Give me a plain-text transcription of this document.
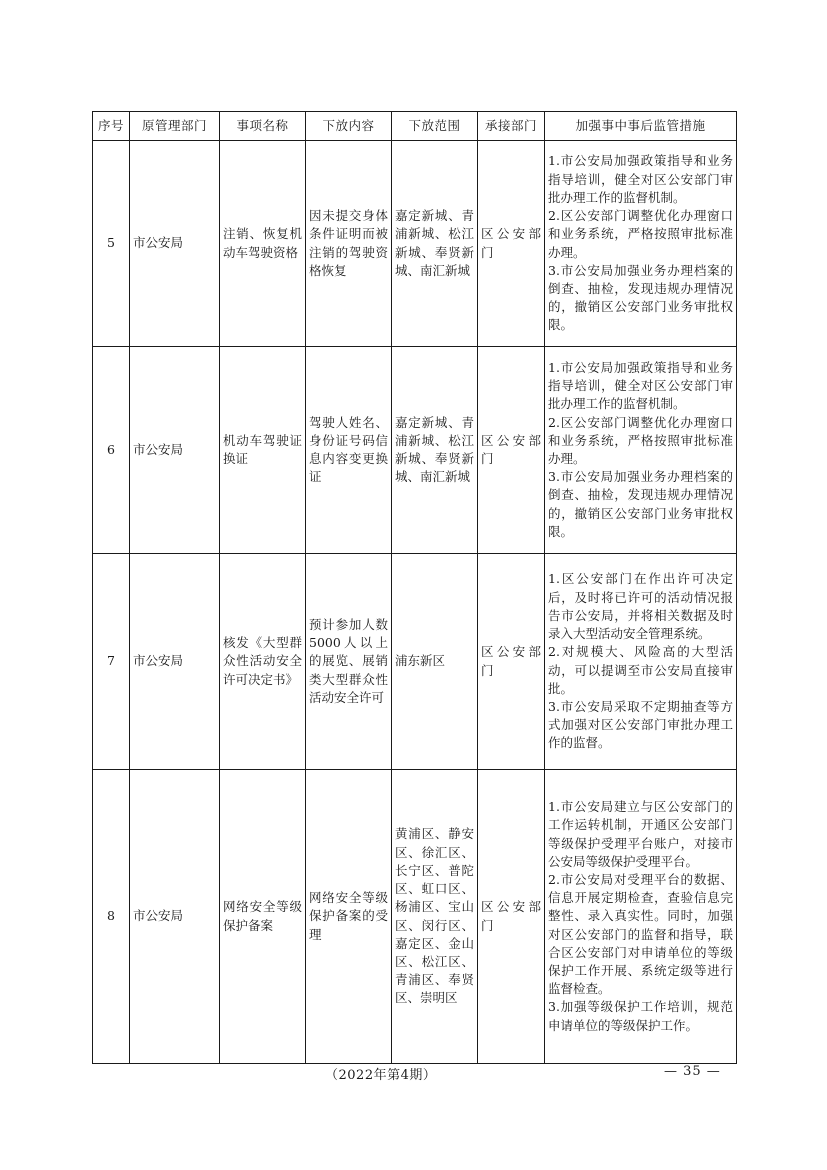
序号	原管理部门	事项名称	下放内容	下放范围	承接部门	加强事中事后监管措施
5	市公安局	注销、恢复机动车驾驶资格	因未提交身体条件证明而被注销的驾驶资格恢复	嘉定新城、青浦新城、松江新城、奉贤新城、南汇新城	区公安部门	1.市公安局加强政策指导和业务指导培训，健全对区公安部门审批办理工作的监督机制。
2.区公安部门调整优化办理窗口和业务系统，严格按照审批标准办理。
3.市公安局加强业务办理档案的倒查、抽检，发现违规办理情况的，撤销区公安部门业务审批权限。

6	市公安局	机动车驾驶证换证	驾驶人姓名、身份证号码信息内容变更换证	嘉定新城、青浦新城、松江新城、奉贤新城、南汇新城	区公安部门	1.市公安局加强政策指导和业务指导培训，健全对区公安部门审批办理工作的监督机制。
2.区公安部门调整优化办理窗口和业务系统，严格按照审批标准办理。
3.市公安局加强业务办理档案的倒查、抽检，发现违规办理情况的，撤销区公安部门业务审批权限。

7	市公安局	核发《大型群众性活动安全许可决定书》	预计参加人数5000人以上的展览、展销类大型群众性活动安全许可	浦东新区	区公安部门	1.区公安部门在作出许可决定后，及时将已许可的活动情况报告市公安局，并将相关数据及时录入大型活动安全管理系统。
2.对规模大、风险高的大型活动，可以提调至市公安局直接审批。
3.市公安局采取不定期抽查等方式加强对区公安部门审批办理工作的监督。

8	市公安局	网络安全等级保护备案	网络安全等级保护备案的受理	黄浦区、静安区、徐汇区、长宁区、普陀区、虹口区、杨浦区、宝山区、闵行区、嘉定区、金山区、松江区、青浦区、奉贤区、崇明区	区公安部门	1.市公安局建立与区公安部门的工作运转机制，开通区公安部门等级保护受理平台账户，对接市公安局等级保护受理平台。
2.市公安局对受理平台的数据、信息开展定期检查，查验信息完整性、录入真实性。同时，加强对区公安部门的监督和指导，联合区公安部门对申请单位的等级保护工作开展、系统定级等进行监督检查。
3.加强等级保护工作培训，规范申请单位的等级保护工作。
（2022年第4期）	— 35 —
